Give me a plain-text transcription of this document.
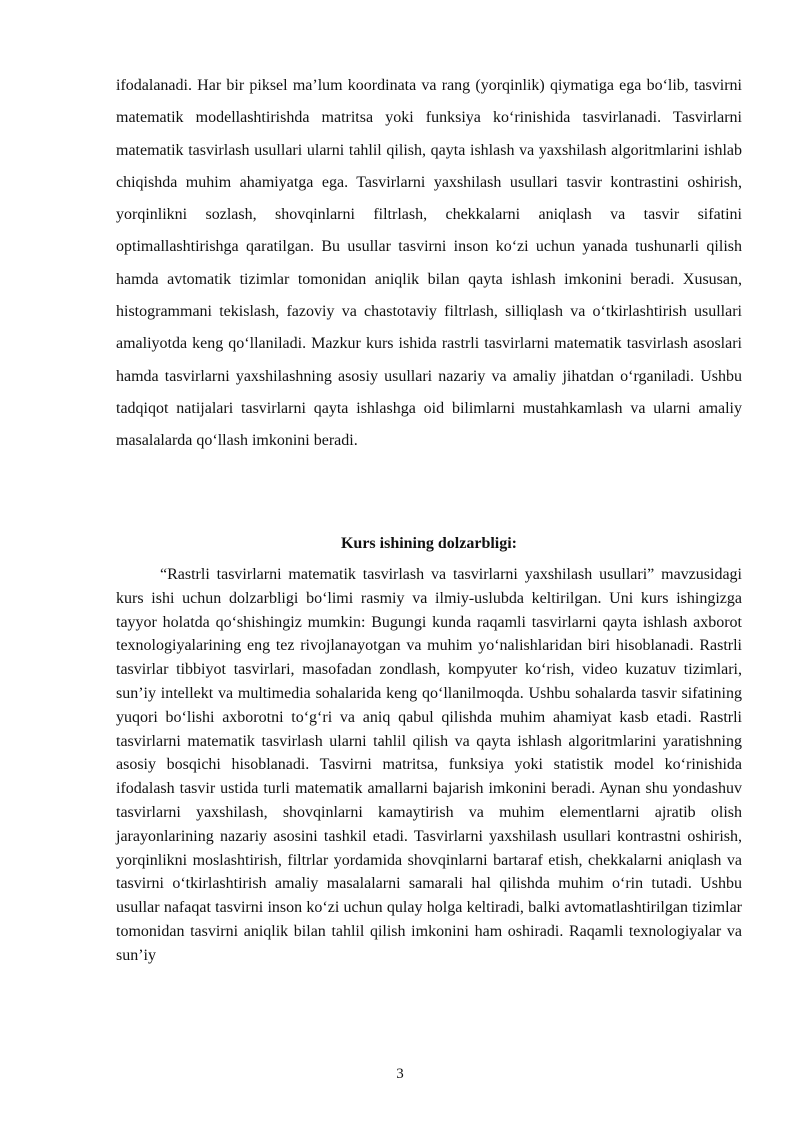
ifodalanadi. Har bir piksel ma’lum koordinata va rang (yorqinlik) qiymatiga ega bo‘lib, tasvirni matematik modellashtirishda matritsa yoki funksiya ko‘rinishida tasvirlanadi. Tasvirlarni matematik tasvirlash usullari ularni tahlil qilish, qayta ishlash va yaxshilash algoritmlarini ishlab chiqishda muhim ahamiyatga ega. Tasvirlarni yaxshilash usullari tasvir kontrastini oshirish, yorqinlikni sozlash, shovqinlarni filtrlash, chekkalarni aniqlash va tasvir sifatini optimallashtirishga qaratilgan. Bu usullar tasvirni inson ko‘zi uchun yanada tushunarli qilish hamda avtomatik tizimlar tomonidan aniqlik bilan qayta ishlash imkonini beradi. Xususan, histogrammani tekislash, fazoviy va chastotaviy filtrlash, silliqlash va o‘tkirlashtirish usullari amaliyotda keng qo‘llaniladi. Mazkur kurs ishida rastrli tasvirlarni matematik tasvirlash asoslari hamda tasvirlarni yaxshilashning asosiy usullari nazariy va amaliy jihatdan o‘rganiladi. Ushbu tadqiqot natijalari tasvirlarni qayta ishlashga oid bilimlarni mustahkamlash va ularni amaliy masalalarda qo‘llash imkonini beradi.

Kurs ishining dolzarbligi:

“Rastrli tasvirlarni matematik tasvirlash va tasvirlarni yaxshilash usullari” mavzusidagi kurs ishi uchun dolzarbligi bo‘limi rasmiy va ilmiy-uslubda keltirilgan. Uni kurs ishingizga tayyor holatda qo‘shishingiz mumkin: Bugungi kunda raqamli tasvirlarni qayta ishlash axborot texnologiyalarining eng tez rivojlanayotgan va muhim yo‘nalishlaridan biri hisoblanadi. Rastrli tasvirlar tibbiyot tasvirlari, masofadan zondlash, kompyuter ko‘rish, video kuzatuv tizimlari, sun’iy intellekt va multimedia sohalarida keng qo‘llanilmoqda. Ushbu sohalarda tasvir sifatining yuqori bo‘lishi axborotni to‘g‘ri va aniq qabul qilishda muhim ahamiyat kasb etadi. Rastrli tasvirlarni matematik tasvirlash ularni tahlil qilish va qayta ishlash algoritmlarini yaratishning asosiy bosqichi hisoblanadi. Tasvirni matritsa, funksiya yoki statistik model ko‘rinishida ifodalash tasvir ustida turli matematik amallarni bajarish imkonini beradi. Aynan shu yondashuv tasvirlarni yaxshilash, shovqinlarni kamaytirish va muhim elementlarni ajratib olish jarayonlarining nazariy asosini tashkil etadi. Tasvirlarni yaxshilash usullari kontrastni oshirish, yorqinlikni moslashtirish, filtrlar yordamida shovqinlarni bartaraf etish, chekkalarni aniqlash va tasvirni o‘tkirlashtirish amaliy masalalarni samarali hal qilishda muhim o‘rin tutadi. Ushbu usullar nafaqat tasvirni inson ko‘zi uchun qulay holga keltiradi, balki avtomatlashtirilgan tizimlar tomonidan tasvirni aniqlik bilan tahlil qilish imkonini ham oshiradi. Raqamli texnologiyalar va sun’iy

3
